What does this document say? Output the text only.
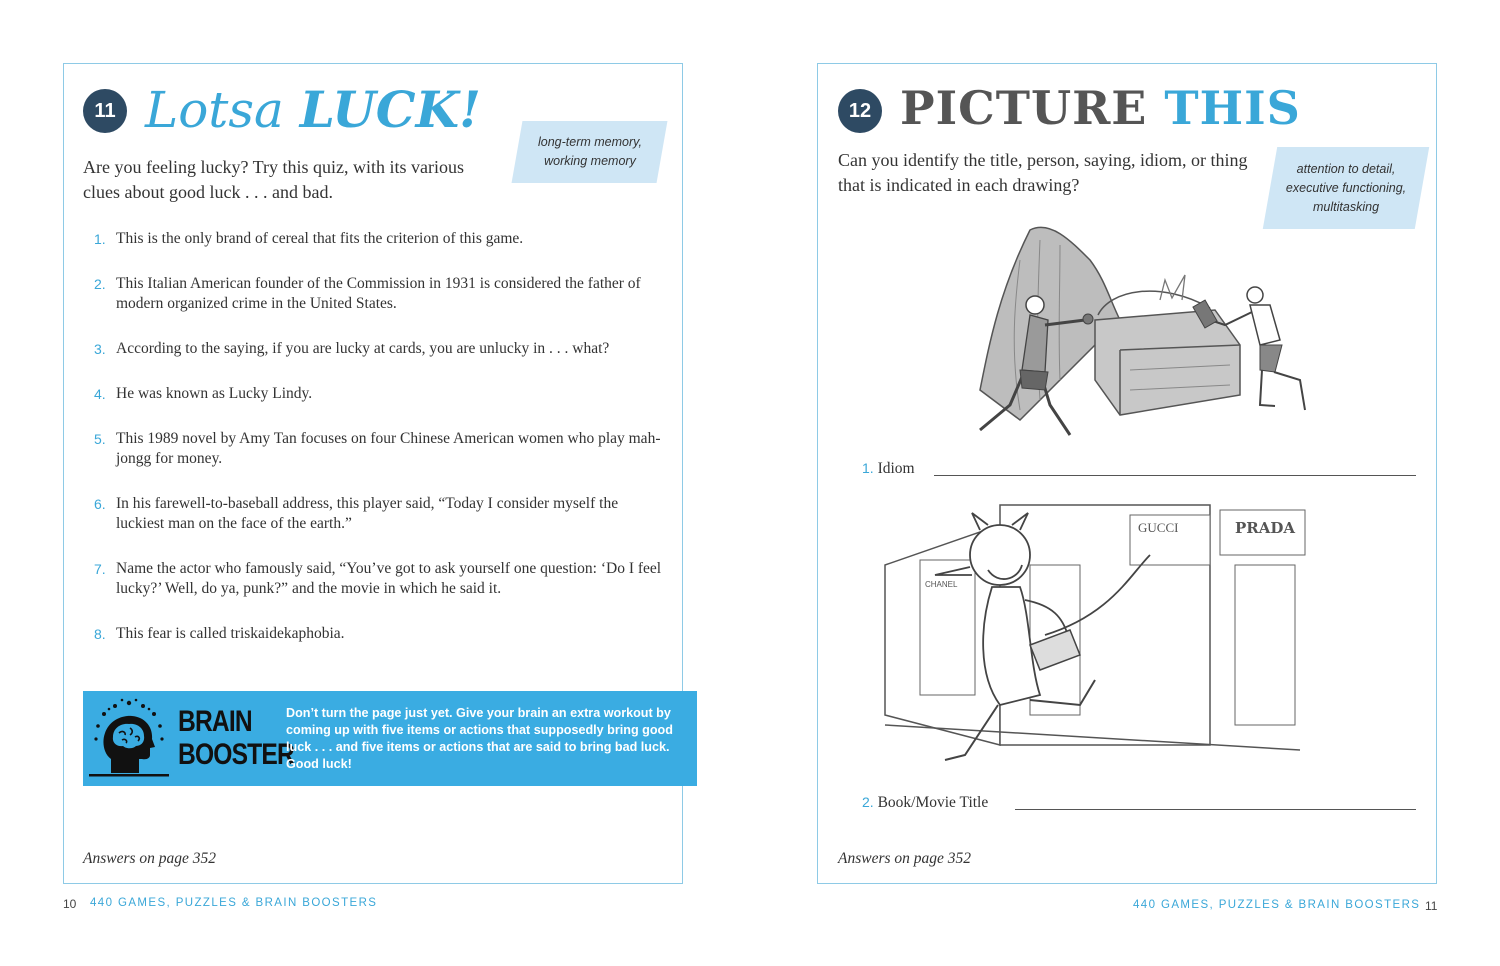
11 Lotsa LUCK!
long-term memory,
working memory
Are you feeling lucky? Try this quiz, with its various
clues about good luck . . . and bad.
1. This is the only brand of cereal that fits the criterion of this game.
2. This Italian American founder of the Commission in 1931 is considered the father of modern organized crime in the United States.
3. According to the saying, if you are lucky at cards, you are unlucky in . . . what?
4. He was known as Lucky Lindy.
5. This 1989 novel by Amy Tan focuses on four Chinese American women who play mah-jongg for money.
6. In his farewell-to-baseball address, this player said, “Today I consider myself the luckiest man on the face of the earth.”
7. Name the actor who famously said, “You’ve got to ask yourself one question: ‘Do I feel lucky?’ Well, do ya, punk?” and the movie in which he said it.
8. This fear is called triskaidekaphobia.
BRAIN
BOOSTER
Don’t turn the page just yet. Give your brain an extra workout by coming up with five items or actions that supposedly bring good luck . . . and five items or actions that are said to bring bad luck. Good luck!
Answers on page 352
10 440 GAMES, PUZZLES & BRAIN BOOSTERS
12 PICTURE THIS
attention to detail,
executive functioning,
multitasking
Can you identify the title, person, saying, idiom, or thing
that is indicated in each drawing?
1. Idiom
GUCCI	PRADA
CHANEL
2. Book/Movie Title
Answers on page 352
440 GAMES, PUZZLES & BRAIN BOOSTERS 11
